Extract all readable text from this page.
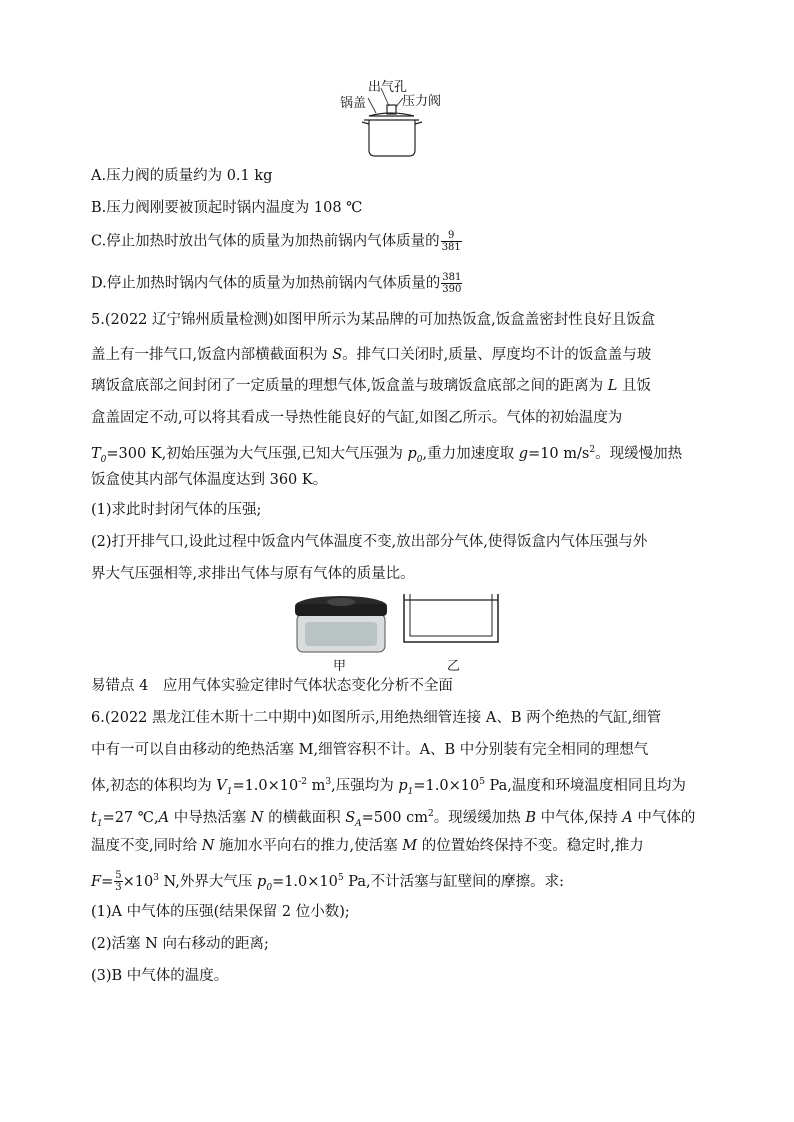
出气孔
锅盖	压力阀
A.压力阀的质量约为 0.1 kg
B.压力阀刚要被顶起时锅内温度为 108 ℃
C.停止加热时放出气体的质量为加热前锅内气体质量的 $\frac{9}{381}$
D.停止加热时锅内气体的质量为加热前锅内气体质量的 $\frac{381}{390}$
5.(2022 辽宁锦州质量检测)如图甲所示为某品牌的可加热饭盒,饭盒盖密封性良好且饭盒
盖上有一排气口,饭盒内部横截面积为 S。排气口关闭时,质量、厚度均不计的饭盒盖与玻
璃饭盒底部之间封闭了一定质量的理想气体,饭盒盖与玻璃饭盒底部之间的距离为 L 且饭
盒盖固定不动,可以将其看成一导热性能良好的气缸,如图乙所示。气体的初始温度为
$T_0=300$ K,初始压强为大气压强,已知大气压强为 $p_0$,重力加速度取 g=10 $m/s^2$。现缓慢加热
饭盒使其内部气体温度达到 360 K。
(1)求此时封闭气体的压强;
(2)打开排气口,设此过程中饭盒内气体温度不变,放出部分气体,使得饭盒内气体压强与外
界大气压强相等,求排出气体与原有气体的质量比。
甲	乙
易错点 4　应用气体实验定律时气体状态变化分析不全面
6.(2022 黑龙江佳木斯十二中期中)如图所示,用绝热细管连接 A、B 两个绝热的气缸,细管
中有一可以自由移动的绝热活塞 M,细管容积不计。A、B 中分别装有完全相同的理想气
体,初态的体积均为 $V_1=1.0\times 10^{-2}$ $m^3$,压强均为 $p_1=1.0\times 10^5$ Pa,温度和环境温度相同且均为
$t_1=27$ ℃,A 中导热活塞 N 的横截面积 $S_A=500$ $cm^2$。现缓缓加热 B 中气体,保持 A 中气体的
温度不变,同时给 N 施加水平向右的推力,使活塞 M 的位置始终保持不变。稳定时,推力
$F= \frac{5}{3} \times 10^3$ N,外界大气压 $p_0=1.0\times 10^5$ Pa,不计活塞与缸壁间的摩擦。求:
(1)A 中气体的压强(结果保留 2 位小数);
(2)活塞 N 向右移动的距离;
(3)B 中气体的温度。
